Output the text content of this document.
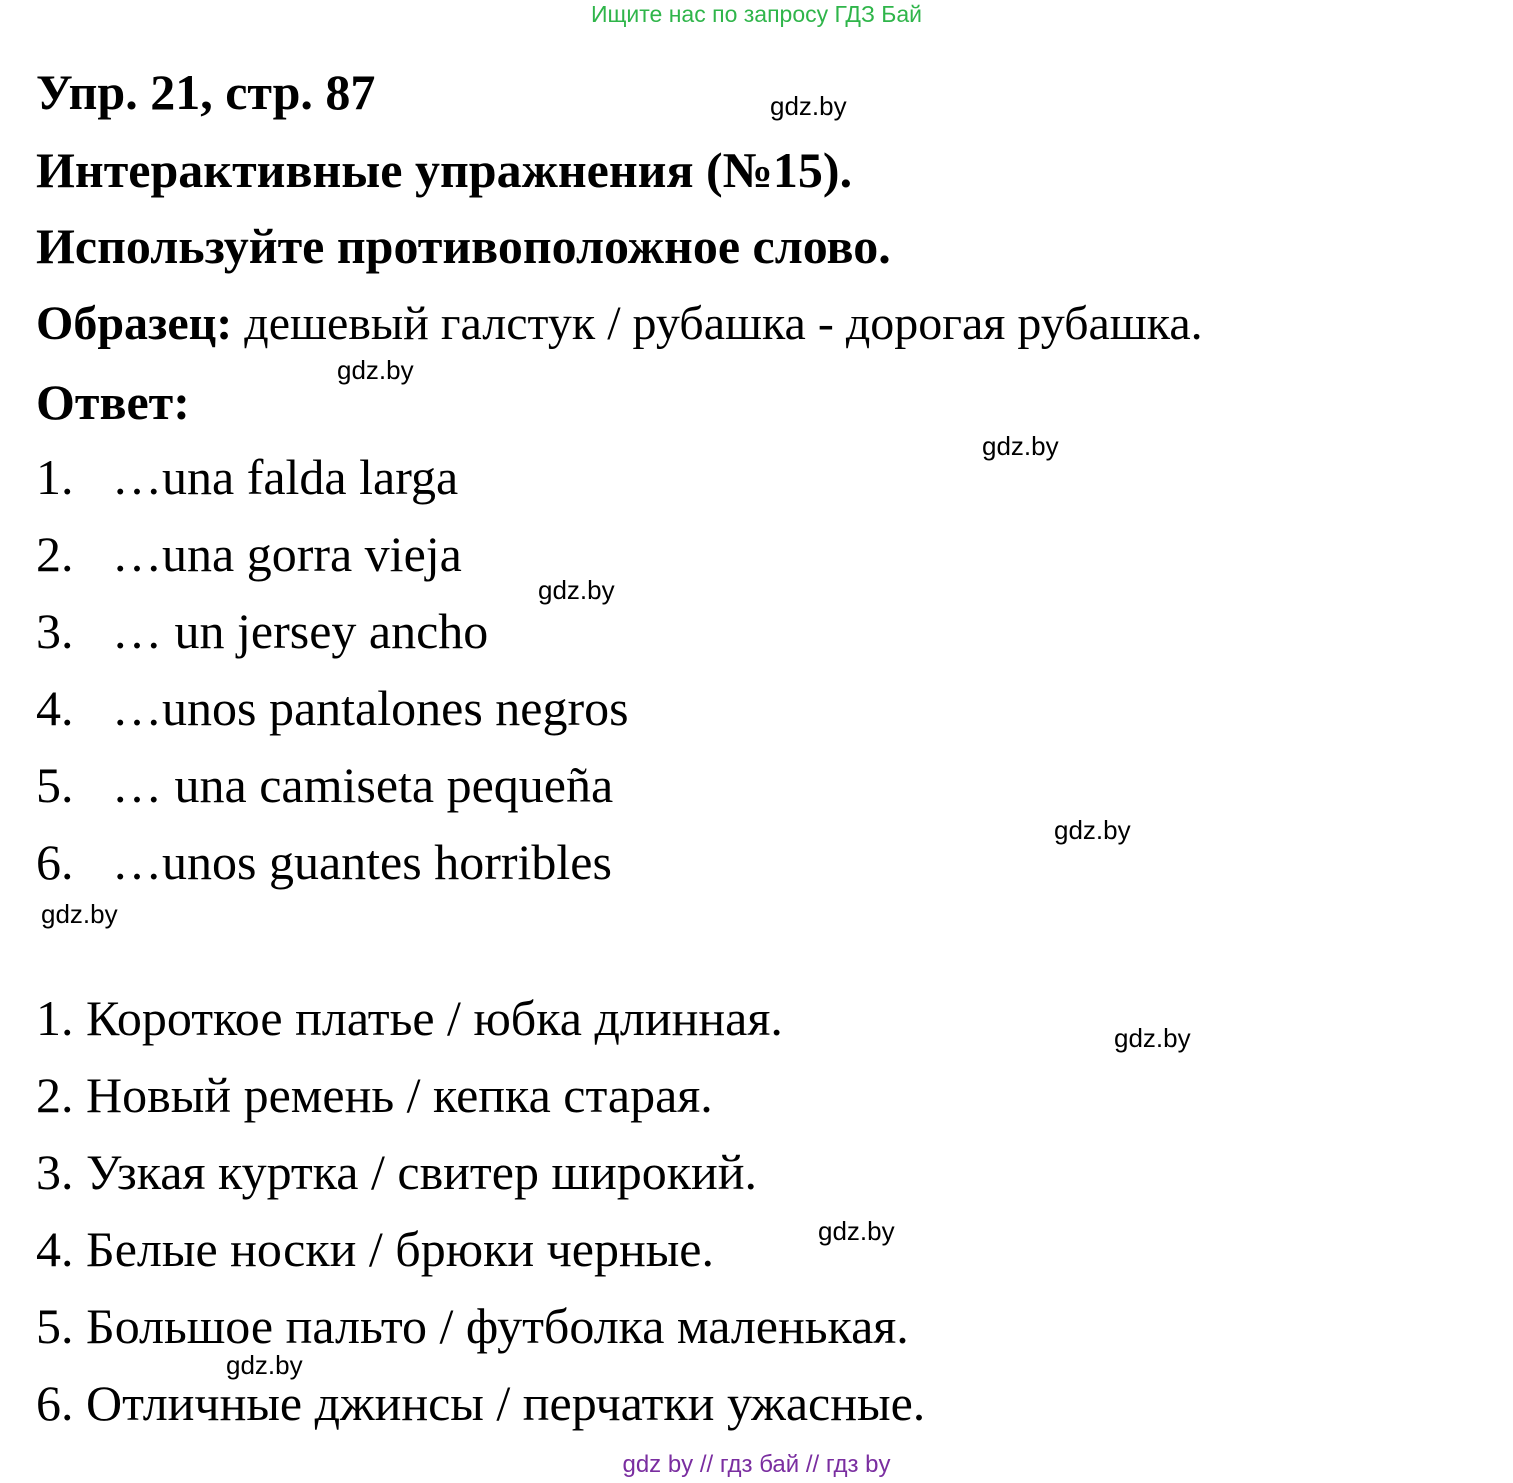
Ищите нас по запросу ГДЗ Бай
Упр. 21, стр. 87
Интерактивные упражнения (№15).
Используйте противоположное слово.
Образец: дешевый галстук / рубашка - дорогая рубашка.
Ответ:
1. …una falda larga
2. …una gorra vieja
3. … un jersey ancho
4. …unos pantalones negros
5. … una camiseta pequeña
6. …unos guantes horribles
1. Короткое платье / юбка длинная.
2. Новый ремень / кепка старая.
3. Узкая куртка / свитер широкий.
4. Белые носки / брюки черные.
5. Большое пальто / футболка маленькая.
6. Отличные джинсы / перчатки ужасные.
gdz.by
gdz.by
gdz.by
gdz.by
gdz.by
gdz.by
gdz.by
gdz.by
gdz.by
gdz by // гдз бай // гдз by
